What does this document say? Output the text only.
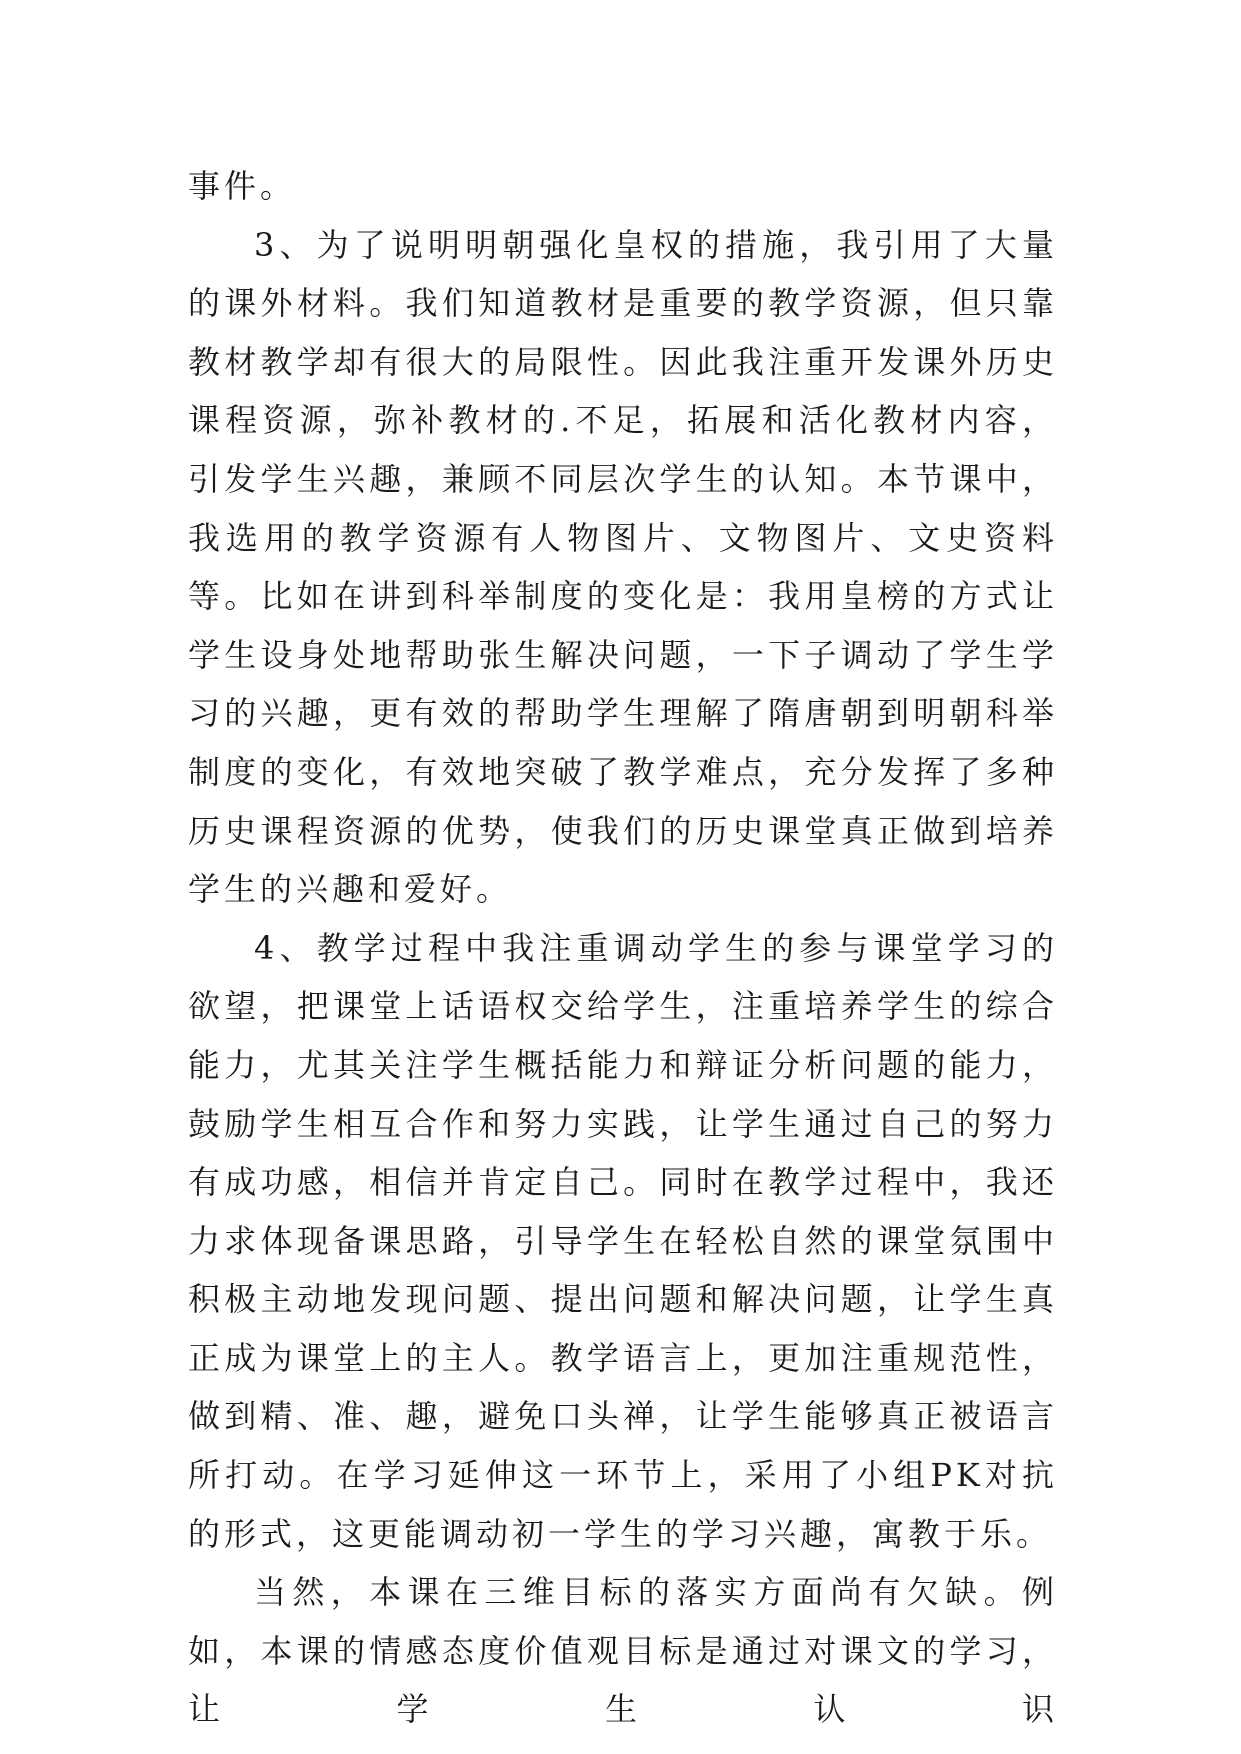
事件。

3、为了说明明朝强化皇权的措施，我引用了大量的课外材料。我们知道教材是重要的教学资源，但只靠教材教学却有很大的局限性。因此我注重开发课外历史课程资源，弥补教材的.不足，拓展和活化教材内容，引发学生兴趣，兼顾不同层次学生的认知。本节课中，我选用的教学资源有人物图片、文物图片、文史资料等。比如在讲到科举制度的变化是：我用皇榜的方式让学生设身处地帮助张生解决问题，一下子调动了学生学习的兴趣，更有效的帮助学生理解了隋唐朝到明朝科举制度的变化，有效地突破了教学难点，充分发挥了多种历史课程资源的优势，使我们的历史课堂真正做到培养学生的兴趣和爱好。

4、教学过程中我注重调动学生的参与课堂学习的欲望，把课堂上话语权交给学生，注重培养学生的综合能力，尤其关注学生概括能力和辩证分析问题的能力，鼓励学生相互合作和努力实践，让学生通过自己的努力有成功感，相信并肯定自己。同时在教学过程中，我还力求体现备课思路，引导学生在轻松自然的课堂氛围中积极主动地发现问题、提出问题和解决问题，让学生真正成为课堂上的主人。教学语言上，更加注重规范性，做到精、准、趣，避免口头禅，让学生能够真正被语言所打动。在学习延伸这一环节上，采用了小组PK对抗的形式，这更能调动初一学生的学习兴趣，寓教于乐。

当然，本课在三维目标的落实方面尚有欠缺。例如，本课的情感态度价值观目标是通过对课文的学习，让学生认识
